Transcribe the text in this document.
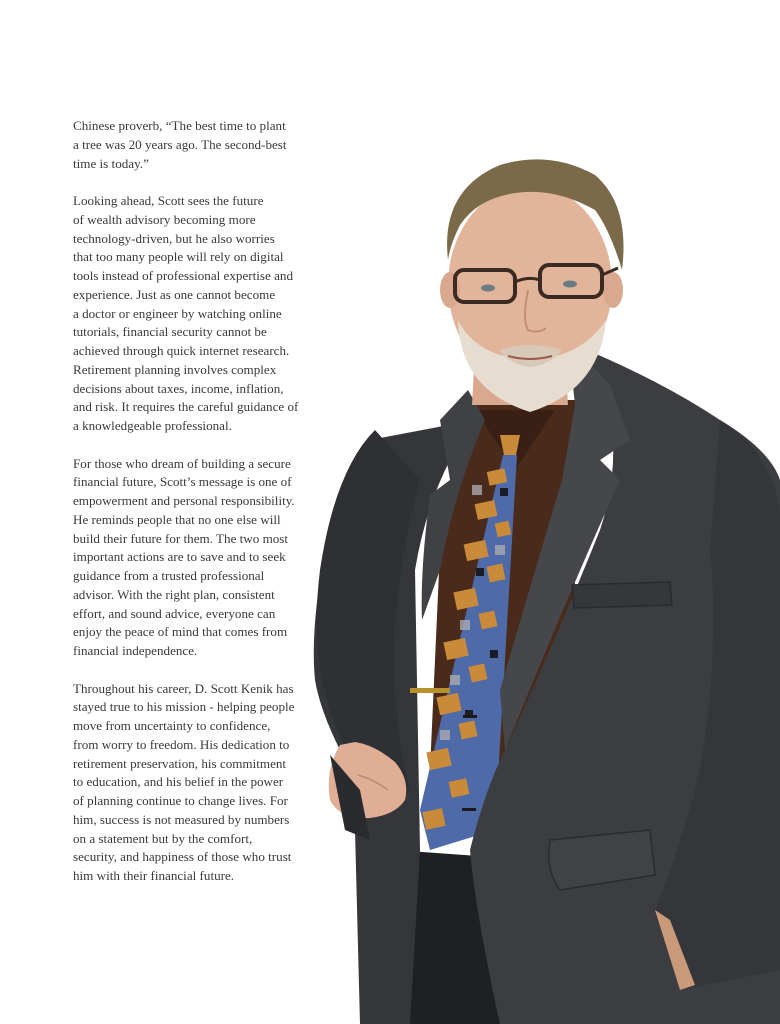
Chinese proverb, “The best time to plant
a tree was 20 years ago. The second-best
time is today.”

Looking ahead, Scott sees the future
of wealth advisory becoming more
technology-driven, but he also worries
that too many people will rely on digital
tools instead of professional expertise and
experience. Just as one cannot become
a doctor or engineer by watching online
tutorials, financial security cannot be
achieved through quick internet research.
Retirement planning involves complex
decisions about taxes, income, inflation,
and risk. It requires the careful guidance of
a knowledgeable professional.

For those who dream of building a secure
financial future, Scott’s message is one of
empowerment and personal responsibility.
He reminds people that no one else will
build their future for them. The two most
important actions are to save and to seek
guidance from a trusted professional
advisor. With the right plan, consistent
effort, and sound advice, everyone can
enjoy the peace of mind that comes from
financial independence.

Throughout his career, D. Scott Kenik has
stayed true to his mission - helping people
move from uncertainty to confidence,
from worry to freedom. His dedication to
retirement preservation, his commitment
to education, and his belief in the power
of planning continue to change lives. For
him, success is not measured by numbers
on a statement but by the comfort,
security, and happiness of those who trust
him with their financial future.
